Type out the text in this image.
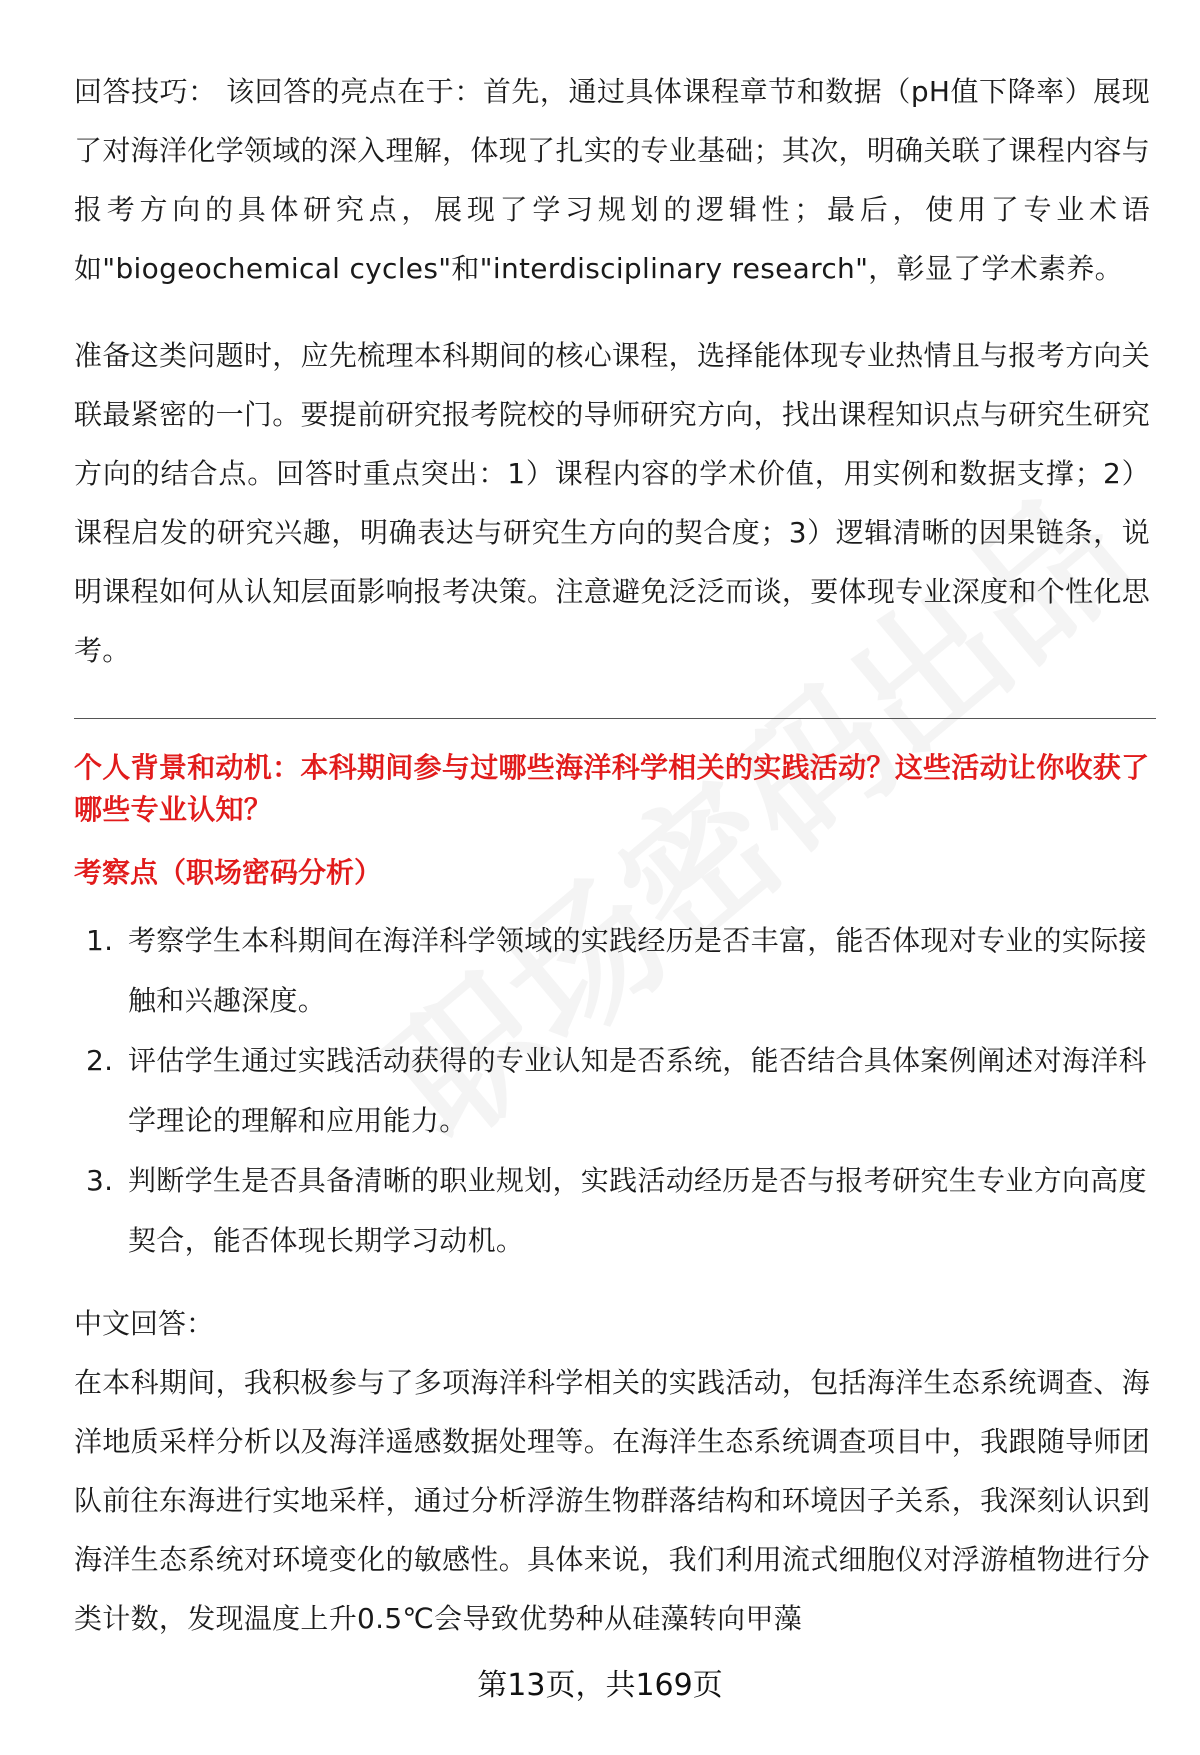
回答技巧： 该回答的亮点在于：首先，通过具体课程章节和数据（pH值下降率）展现了对海洋化学领域的深入理解，体现了扎实的专业基础；其次，明确关联了课程内容与报考方向的具体研究点，展现了学习规划的逻辑性；最后，使用了专业术语如"biogeochemical cycles"和"interdisciplinary research"，彰显了学术素养。

准备这类问题时，应先梳理本科期间的核心课程，选择能体现专业热情且与报考方向关联最紧密的一门。要提前研究报考院校的导师研究方向，找出课程知识点与研究生研究方向的结合点。回答时重点突出：1）课程内容的学术价值，用实例和数据支撑；2）课程启发的研究兴趣，明确表达与研究生方向的契合度；3）逻辑清晰的因果链条，说明课程如何从认知层面影响报考决策。注意避免泛泛而谈，要体现专业深度和个性化思考。

个人背景和动机：本科期间参与过哪些海洋科学相关的实践活动？这些活动让你收获了哪些专业认知？

考察点（职场密码分析）

1. 考察学生本科期间在海洋科学领域的实践经历是否丰富，能否体现对专业的实际接触和兴趣深度。
2. 评估学生通过实践活动获得的专业认知是否系统，能否结合具体案例阐述对海洋科学理论的理解和应用能力。
3. 判断学生是否具备清晰的职业规划，实践活动经历是否与报考研究生专业方向高度契合，能否体现长期学习动机。

中文回答：

在本科期间，我积极参与了多项海洋科学相关的实践活动，包括海洋生态系统调查、海洋地质采样分析以及海洋遥感数据处理等。在海洋生态系统调查项目中，我跟随导师团队前往东海进行实地采样，通过分析浮游生物群落结构和环境因子关系，我深刻认识到海洋生态系统对环境变化的敏感性。具体来说，我们利用流式细胞仪对浮游植物进行分类计数，发现温度上升0.5℃会导致优势种从硅藻转向甲藻

第13页，共169页
